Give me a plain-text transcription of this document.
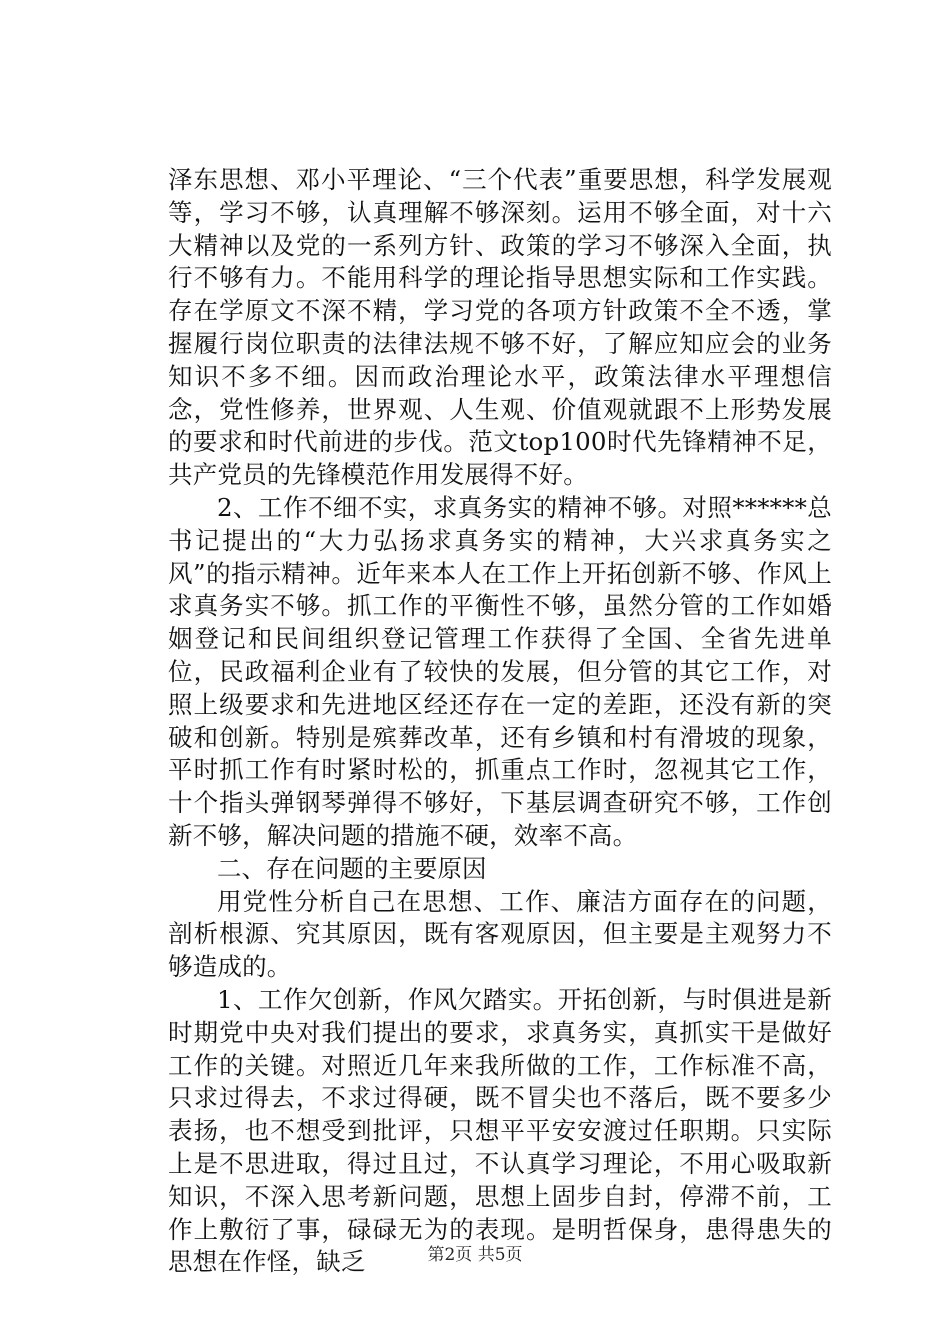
泽东思想、邓小平理论、“三个代表”重要思想，科学发展观等，学习不够，认真理解不够深刻。运用不够全面，对十六大精神以及党的一系列方针、政策的学习不够深入全面，执行不够有力。不能用科学的理论指导思想实际和工作实践。存在学原文不深不精，学习党的各项方针政策不全不透，掌握履行岗位职责的法律法规不够不好，了解应知应会的业务知识不多不细。因而政治理论水平，政策法律水平理想信念，党性修养，世界观、人生观、价值观就跟不上形势发展的要求和时代前进的步伐。范文top100时代先锋精神不足，共产党员的先锋模范作用发展得不好。

2、工作不细不实，求真务实的精神不够。对照******总书记提出的“大力弘扬求真务实的精神，大兴求真务实之风”的指示精神。近年来本人在工作上开拓创新不够、作风上求真务实不够。抓工作的平衡性不够，虽然分管的工作如婚姻登记和民间组织登记管理工作获得了全国、全省先进单位，民政福利企业有了较快的发展，但分管的其它工作，对照上级要求和先进地区经还存在一定的差距，还没有新的突破和创新。特别是殡葬改革，还有乡镇和村有滑坡的现象，平时抓工作有时紧时松的，抓重点工作时，忽视其它工作，十个指头弹钢琴弹得不够好，下基层调查研究不够，工作创新不够，解决问题的措施不硬，效率不高。

二、存在问题的主要原因

用党性分析自己在思想、工作、廉洁方面存在的问题，剖析根源、究其原因，既有客观原因，但主要是主观努力不够造成的。

1、工作欠创新，作风欠踏实。开拓创新，与时俱进是新时期党中央对我们提出的要求，求真务实，真抓实干是做好工作的关键。对照近几年来我所做的工作，工作标准不高，只求过得去，不求过得硬，既不冒尖也不落后，既不要多少表扬，也不想受到批评，只想平平安安渡过任职期。只实际上是不思进取，得过且过，不认真学习理论，不用心吸取新知识，不深入思考新问题，思想上固步自封，停滞不前，工作上敷衍了事，碌碌无为的表现。是明哲保身，患得患失的思想在作怪，缺乏	第2页 共5页
